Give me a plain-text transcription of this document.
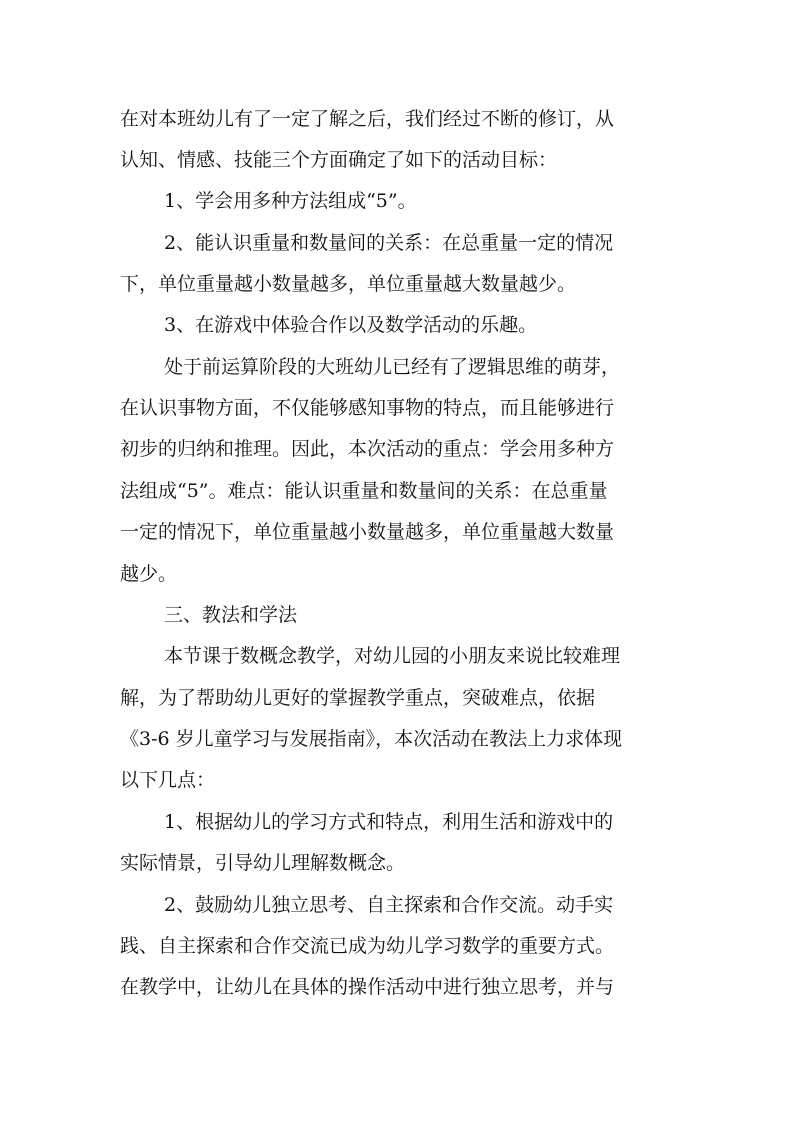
在对本班幼儿有了一定了解之后，我们经过不断的修订，从
认知、情感、技能三个方面确定了如下的活动目标：
1、学会用多种方法组成“5”。
2、能认识重量和数量间的关系：在总重量一定的情况
下，单位重量越小数量越多，单位重量越大数量越少。
3、在游戏中体验合作以及数学活动的乐趣。
处于前运算阶段的大班幼儿已经有了逻辑思维的萌芽，
在认识事物方面，不仅能够感知事物的特点，而且能够进行
初步的归纳和推理。因此，本次活动的重点：学会用多种方
法组成“5”。难点：能认识重量和数量间的关系：在总重量
一定的情况下，单位重量越小数量越多，单位重量越大数量
越少。
三、教法和学法
本节课于数概念教学，对幼儿园的小朋友来说比较难理
解，为了帮助幼儿更好的掌握教学重点，突破难点，依据
《3-6 岁儿童学习与发展指南》，本次活动在教法上力求体现
以下几点：
1、根据幼儿的学习方式和特点，利用生活和游戏中的
实际情景，引导幼儿理解数概念。
2、鼓励幼儿独立思考、自主探索和合作交流。动手实
践、自主探索和合作交流已成为幼儿学习数学的重要方式。
在教学中，让幼儿在具体的操作活动中进行独立思考，并与
